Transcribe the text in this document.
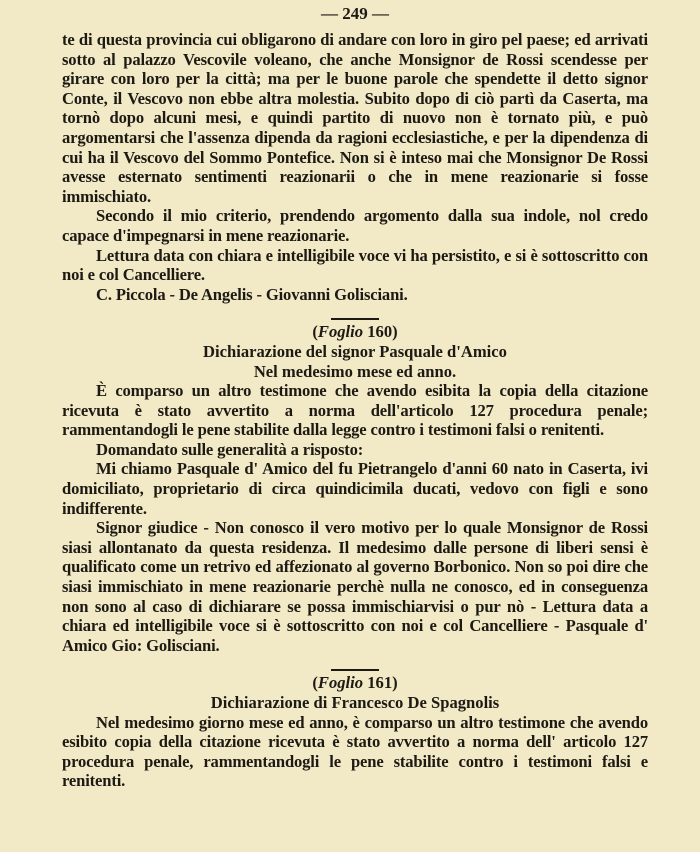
— 249 —

te di questa provincia cui obligarono di andare con loro in giro pel paese; ed arrivati sotto al palazzo Vescovile voleano, che anche Monsignor de Rossi scendesse per girare con loro per la città; ma per le buone parole che spendette il detto signor Conte, il Vescovo non ebbe altra molestia. Subito dopo di ciò partì da Caserta, ma tornò dopo alcuni mesi, e quindi partito di nuovo non è tornato più, e può argomentarsi che l'assenza dipenda da ragioni ecclesiastiche, e per la dipendenza di cui ha il Vescovo del Sommo Pontefice. Non si è inteso mai che Monsignor De Rossi avesse esternato sentimenti reazionarii o che in mene reazionarie si fosse immischiato.

Secondo il mio criterio, prendendo argomento dalla sua indole, nol credo capace d'impegnarsi in mene reazionarie.

Lettura data con chiara e intelligibile voce vi ha persistito, e si è sottoscritto con noi e col Cancelliere.

C. Piccola - De Angelis - Giovanni Golisciani.

(Foglio 160)

Dichiarazione del signor Pasquale d'Amico

Nel medesimo mese ed anno.

È comparso un altro testimone che avendo esibita la copia della citazione ricevuta è stato avvertito a norma dell'articolo 127 procedura penale; rammentandogli le pene stabilite dalla legge contro i testimoni falsi o renitenti.

Domandato sulle generalità a risposto:

Mi chiamo Pasquale d' Amico del fu Pietrangelo d'anni 60 nato in Caserta, ivi domiciliato, proprietario di circa quindicimila ducati, vedovo con figli e sono indifferente.

Signor giudice - Non conosco il vero motivo per lo quale Monsignor de Rossi siasi allontanato da questa residenza. Il medesimo dalle persone di liberi sensi è qualificato come un retrivo ed affezionato al governo Borbonico. Non so poi dire che siasi immischiato in mene reazionarie perchè nulla ne conosco, ed in conseguenza non sono al caso di dichiarare se possa immischiarvisi o pur nò - Lettura data a chiara ed intelligibile voce si è sottoscritto con noi e col Cancelliere - Pasquale d' Amico Gio: Golisciani.

(Foglio 161)

Dichiarazione di Francesco De Spagnolis

Nel medesimo giorno mese ed anno, è comparso un altro testimone che avendo esibito copia della citazione ricevuta è stato avvertito a norma dell' articolo 127 procedura penale, rammentandogli le pene stabilite contro i testimoni falsi e renitenti.
